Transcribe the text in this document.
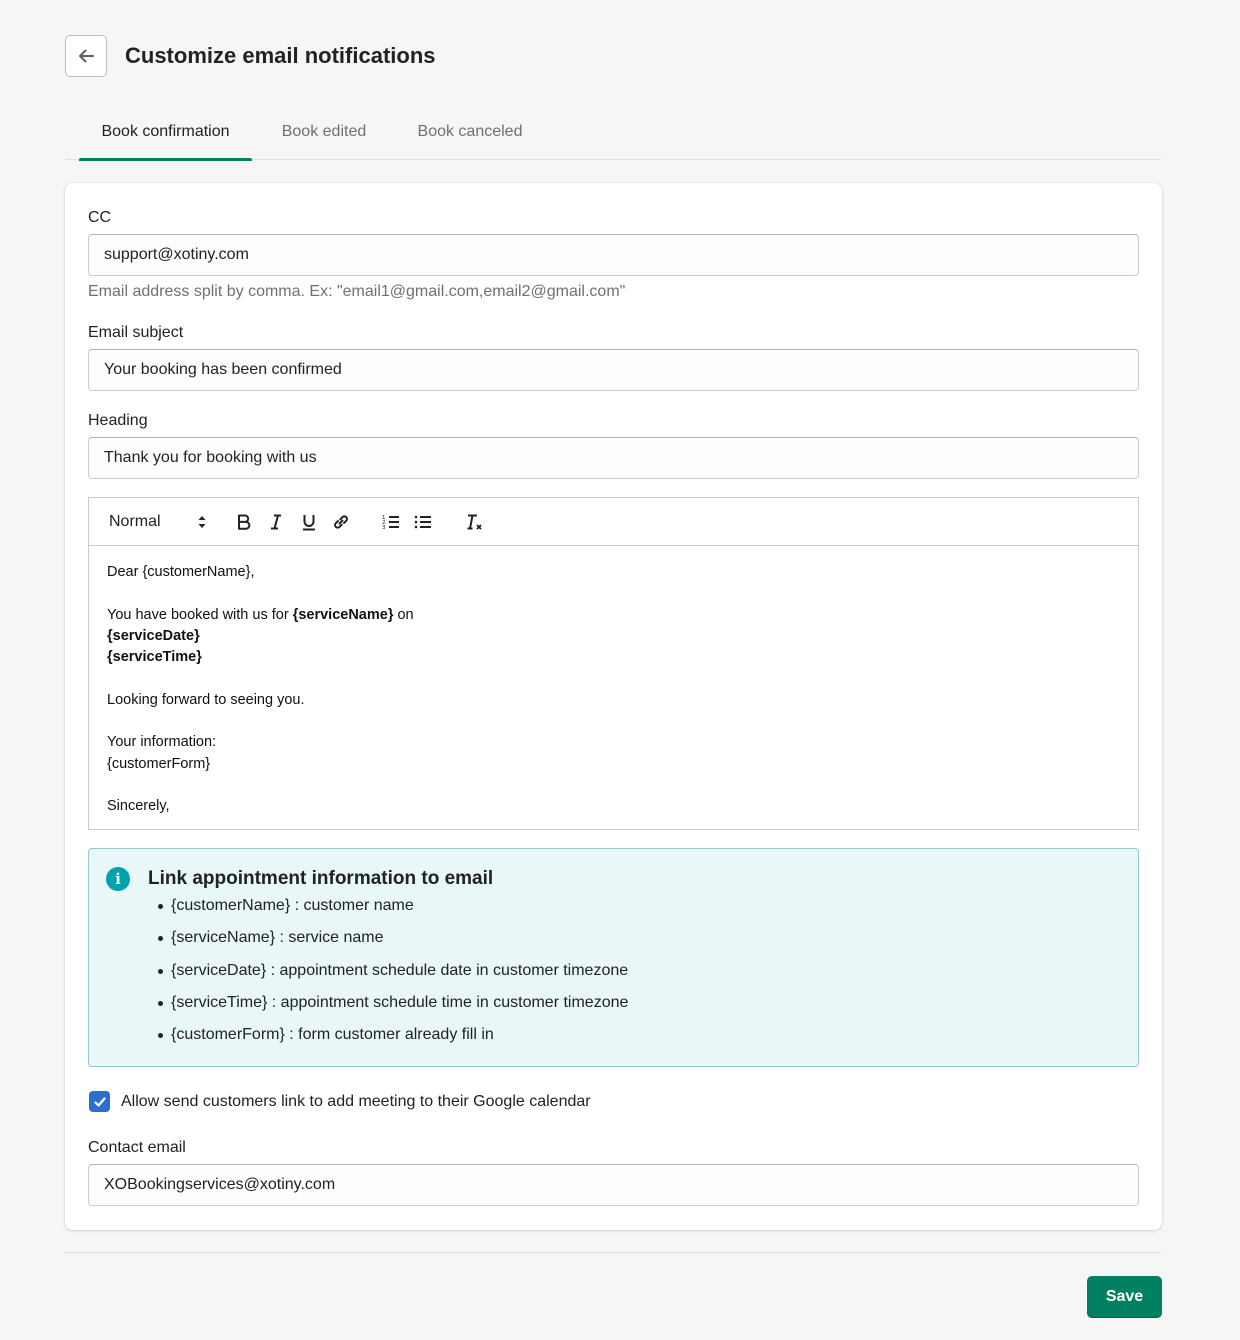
Customize email notifications
Book confirmation	Book edited	Book canceled
CC
support@xotiny.com
Email address split by comma. Ex: "email1@gmail.com,email2@gmail.com"
Email subject
Your booking has been confirmed
Heading
Thank you for booking with us
Normal	1
2
3

Dear {customerName},

You have booked with us for {serviceName} on

{serviceDate}

{serviceTime}

Looking forward to seeing you.

Your information:

{customerForm}

Sincerely,

i	Link appointment information to email
{customerName} : customer name
{serviceName} : service name
{serviceDate} : appointment schedule date in customer timezone
{serviceTime} : appointment schedule time in customer timezone
{customerForm} : form customer already fill in
Allow send customers link to add meeting to their Google calendar
Contact email
XOBookingservices@xotiny.com
Save
